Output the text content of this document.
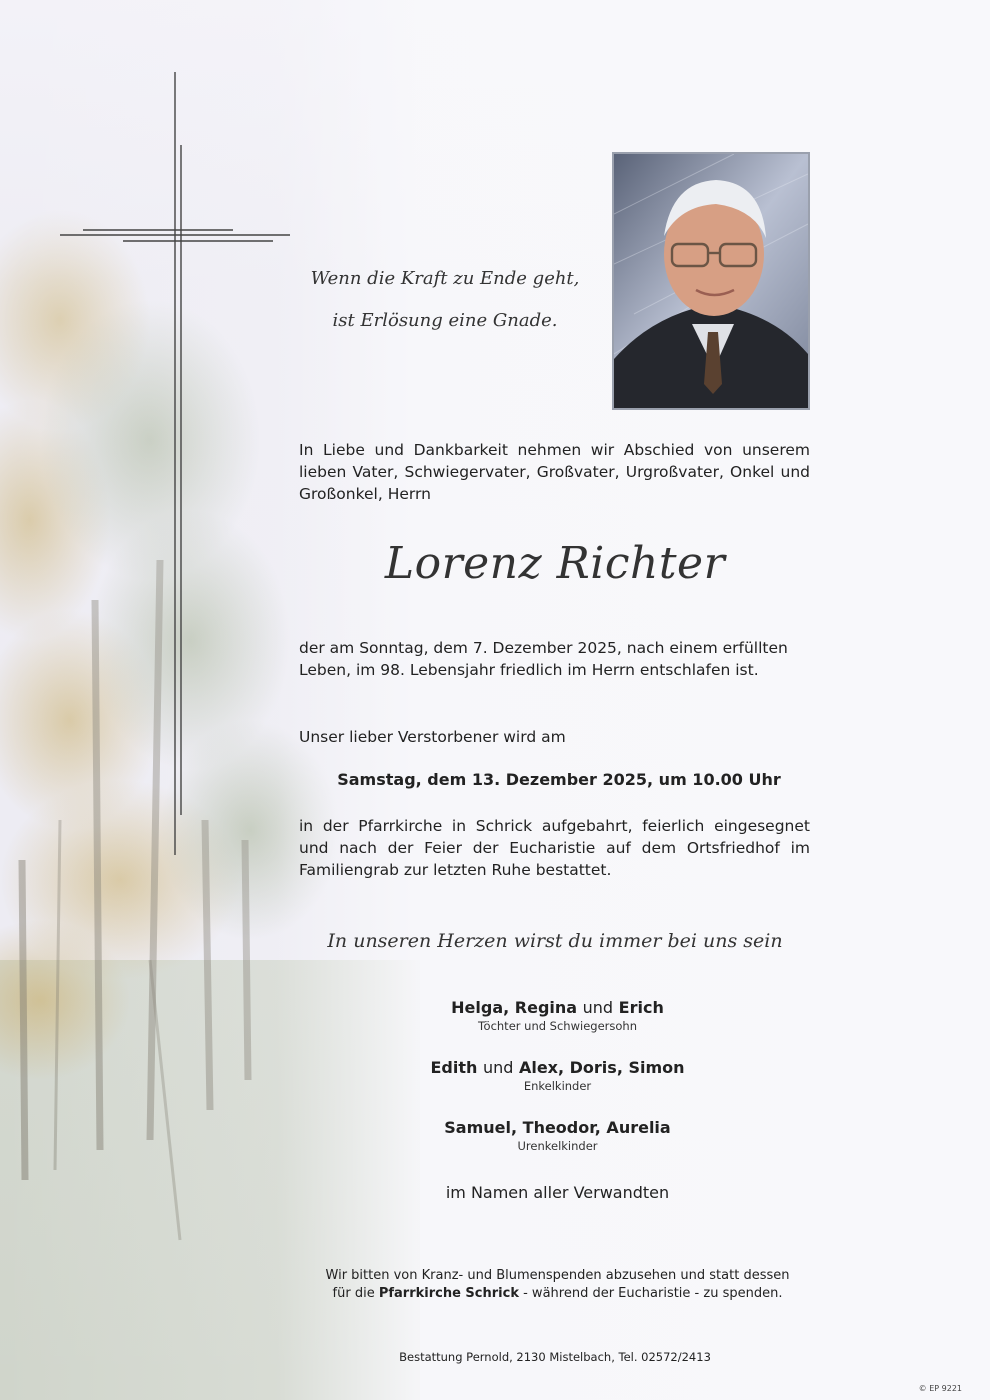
Wenn die Kraft zu Ende geht,
ist Erlösung eine Gnade.
In Liebe und Dankbarkeit nehmen wir Abschied von unserem lieben Vater, Schwiegervater, Großvater, Urgroßvater, Onkel und Großonkel, Herrn
Lorenz Richter
der am Sonntag, dem 7. Dezember 2025, nach einem erfüllten
Leben, im 98. Lebensjahr friedlich im Herrn entschlafen ist.
Unser lieber Verstorbener wird am
Samstag, dem 13. Dezember 2025, um 10.00 Uhr
in der Pfarrkirche in Schrick aufgebahrt, feierlich eingesegnet und nach der Feier der Eucharistie auf dem Ortsfriedhof im Familiengrab zur letzten Ruhe bestattet.
In unseren Herzen wirst du immer bei uns sein
Helga, Regina und Erich
Töchter und Schwiegersohn
Edith und Alex, Doris, Simon
Enkelkinder
Samuel, Theodor, Aurelia
Urenkelkinder
im Namen aller Verwandten
Wir bitten von Kranz- und Blumenspenden abzusehen und statt dessen
für die Pfarrkirche Schrick - während der Eucharistie - zu spenden.
Bestattung Pernold, 2130 Mistelbach, Tel. 02572/2413
© EP 9221
